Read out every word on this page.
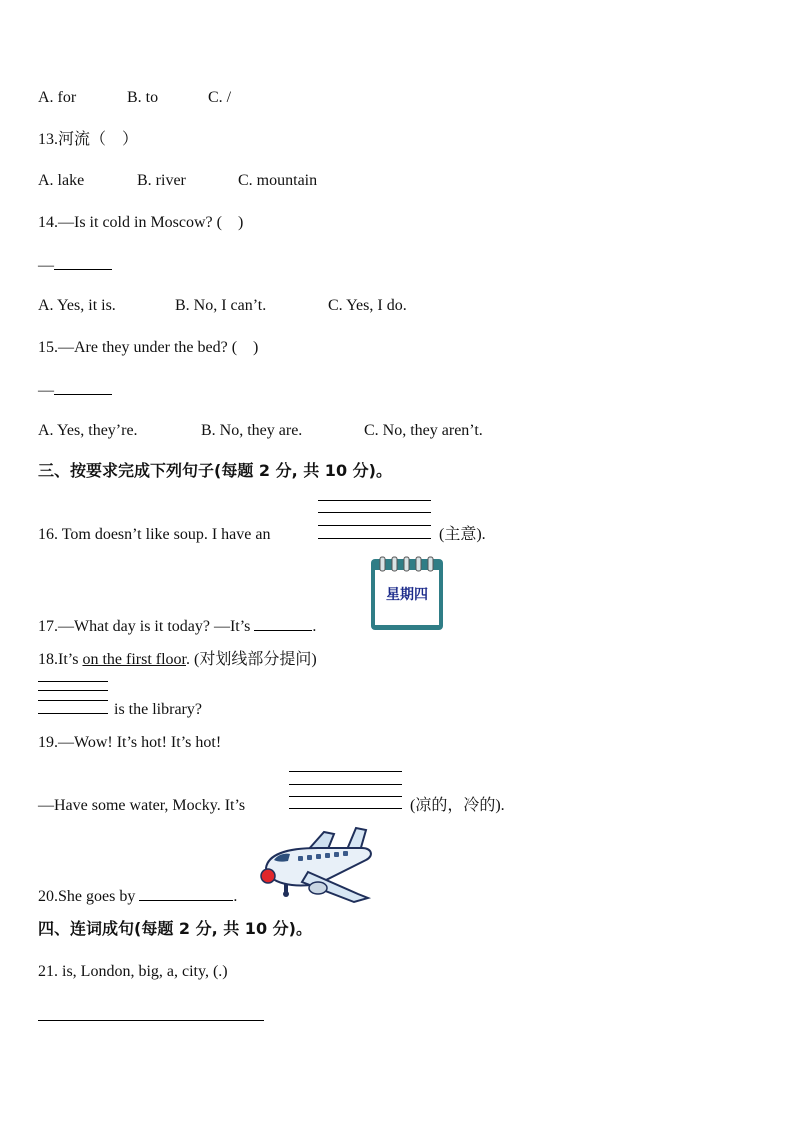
A. for	B. to	C. /
13.河流（　）
A. lake	B. river	C. mountain
14.—Is it cold in Moscow? (　)
—
A. Yes, it is.	B. No, I can’t.	C. Yes, I do.
15.—Are they under the bed? (　)
—
A. Yes, they’re.	B. No, they are.	C. No, they aren’t.
三、按要求完成下列句子(每题 2 分, 共 10 分)。
16. Tom doesn’t like soup. I have an	(主意).
星期四
17.—What day is it today? —It’s	.
18.It’s on the first floor. (对划线部分提问)
is the library?
19.—Wow! It’s hot! It’s hot!
—Have some water, Mocky. It’s	(凉的，冷的).
20.She goes by	.
四、连词成句(每题 2 分, 共 10 分)。
21. is, London, big, a, city, (.)
